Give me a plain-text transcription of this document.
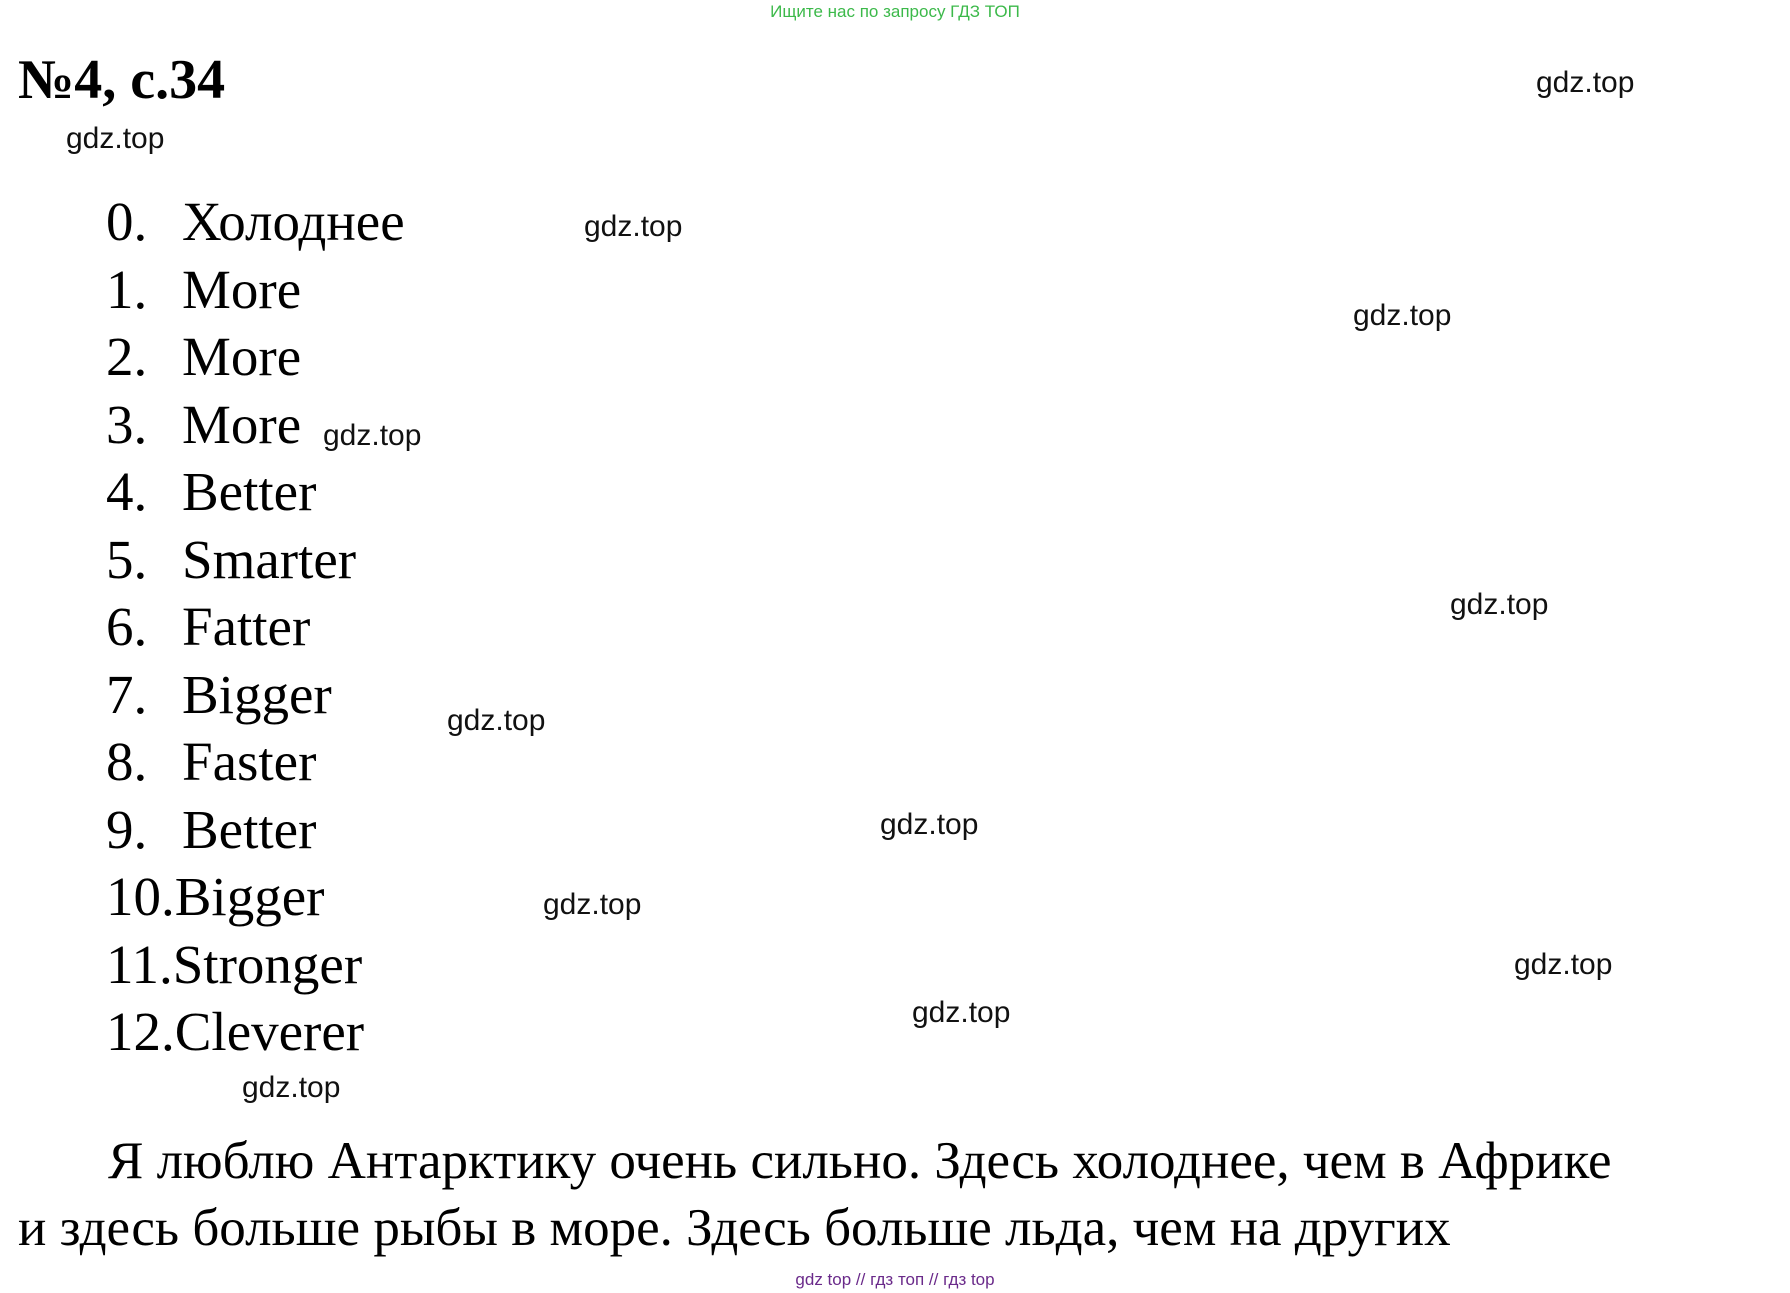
Ищите нас по запросу ГДЗ ТОП
№4, с.34
0. Холоднее
1. More
2. More
3. More
4. Better
5. Smarter
6. Fatter
7. Bigger
8. Faster
9. Better
10.Bigger
11.Stronger
12.Cleverer
gdz.top
gdz.top
gdz.top
gdz.top
gdz.top
gdz.top
gdz.top
gdz.top
gdz.top
gdz.top
gdz.top
gdz.top

Я люблю Антарктику очень сильно. Здесь холоднее, чем в Африке
и здесь больше рыбы в море. Здесь больше льда, чем на других

gdz top // гдз топ // гдз top
